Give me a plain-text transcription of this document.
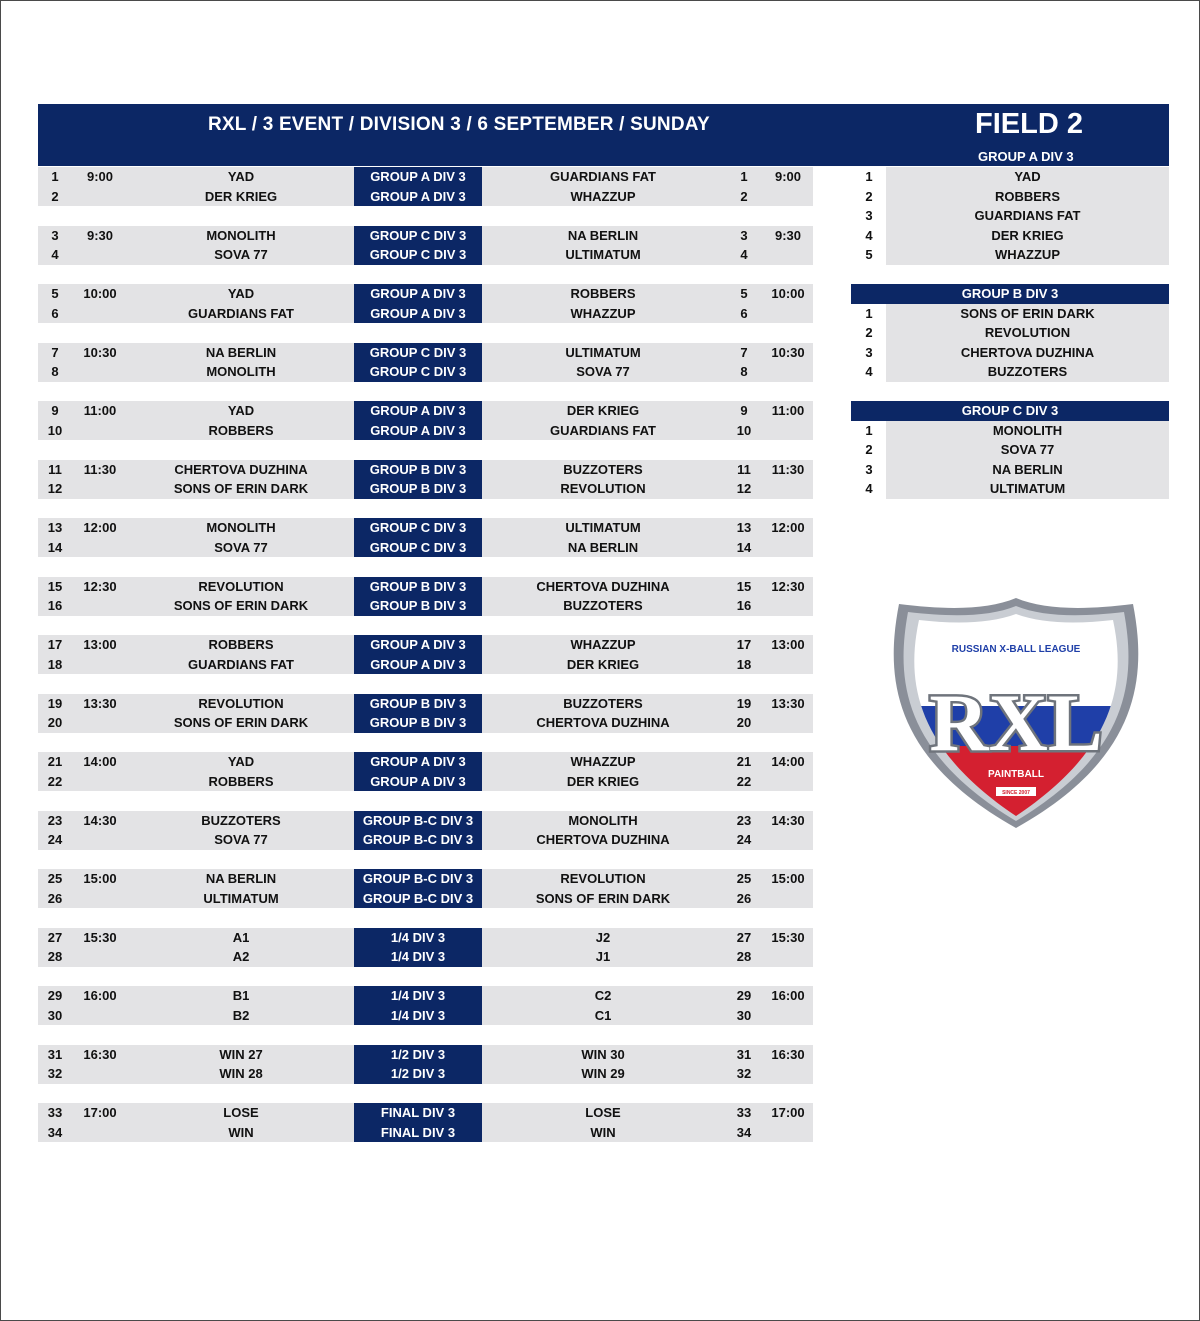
RXL / 3 EVENT / DIVISION 3 / 6 SEPTEMBER / SUNDAY	FIELD 2
GROUP A DIV 3
1	9:00	YAD	GROUP A DIV 3	GUARDIANS FAT	1	9:00
2	DER KRIEG	GROUP A DIV 3	WHAZZUP	2
3	9:30	MONOLITH	GROUP C DIV 3	NA BERLIN	3	9:30
4	SOVA 77	GROUP C DIV 3	ULTIMATUM	4
5	10:00	YAD	GROUP A DIV 3	ROBBERS	5	10:00
6	GUARDIANS FAT	GROUP A DIV 3	WHAZZUP	6
7	10:30	NA BERLIN	GROUP C DIV 3	ULTIMATUM	7	10:30
8	MONOLITH	GROUP C DIV 3	SOVA 77	8
9	11:00	YAD	GROUP A DIV 3	DER KRIEG	9	11:00
10	ROBBERS	GROUP A DIV 3	GUARDIANS FAT	10
11	11:30	CHERTOVA DUZHINA	GROUP B DIV 3	BUZZOTERS	11	11:30
12	SONS OF ERIN DARK	GROUP B DIV 3	REVOLUTION	12
13	12:00	MONOLITH	GROUP C DIV 3	ULTIMATUM	13	12:00
14	SOVA 77	GROUP C DIV 3	NA BERLIN	14
15	12:30	REVOLUTION	GROUP B DIV 3	CHERTOVA DUZHINA	15	12:30
16	SONS OF ERIN DARK	GROUP B DIV 3	BUZZOTERS	16
17	13:00	ROBBERS	GROUP A DIV 3	WHAZZUP	17	13:00
18	GUARDIANS FAT	GROUP A DIV 3	DER KRIEG	18
19	13:30	REVOLUTION	GROUP B DIV 3	BUZZOTERS	19	13:30
20	SONS OF ERIN DARK	GROUP B DIV 3	CHERTOVA DUZHINA	20
21	14:00	YAD	GROUP A DIV 3	WHAZZUP	21	14:00
22	ROBBERS	GROUP A DIV 3	DER KRIEG	22
23	14:30	BUZZOTERS	GROUP B-C DIV 3	MONOLITH	23	14:30
24	SOVA 77	GROUP B-C DIV 3	CHERTOVA DUZHINA	24
25	15:00	NA BERLIN	GROUP B-C DIV 3	REVOLUTION	25	15:00
26	ULTIMATUM	GROUP B-C DIV 3	SONS OF ERIN DARK	26
27	15:30	A1	1/4 DIV 3	J2	27	15:30
28	A2	1/4 DIV 3	J1	28
29	16:00	B1	1/4 DIV 3	C2	29	16:00
30	B2	1/4 DIV 3	C1	30
31	16:30	WIN 27	1/2 DIV 3	WIN 30	31	16:30
32	WIN 28	1/2 DIV 3	WIN 29	32
33	17:00	LOSE	FINAL DIV 3	LOSE	33	17:00
34	WIN	FINAL DIV 3	WIN	34
1	YAD
2	ROBBERS
3	GUARDIANS FAT
4	DER KRIEG
5	WHAZZUP
GROUP B DIV 3
1	SONS OF ERIN DARK
2	REVOLUTION
3	CHERTOVA DUZHINA
4	BUZZOTERS
GROUP C DIV 3
1	MONOLITH
2	SOVA 77
3	NA BERLIN
4	ULTIMATUM
RUSSIAN X-BALL LEAGUE
RXL
PAINTBALL
SINCE 2007
